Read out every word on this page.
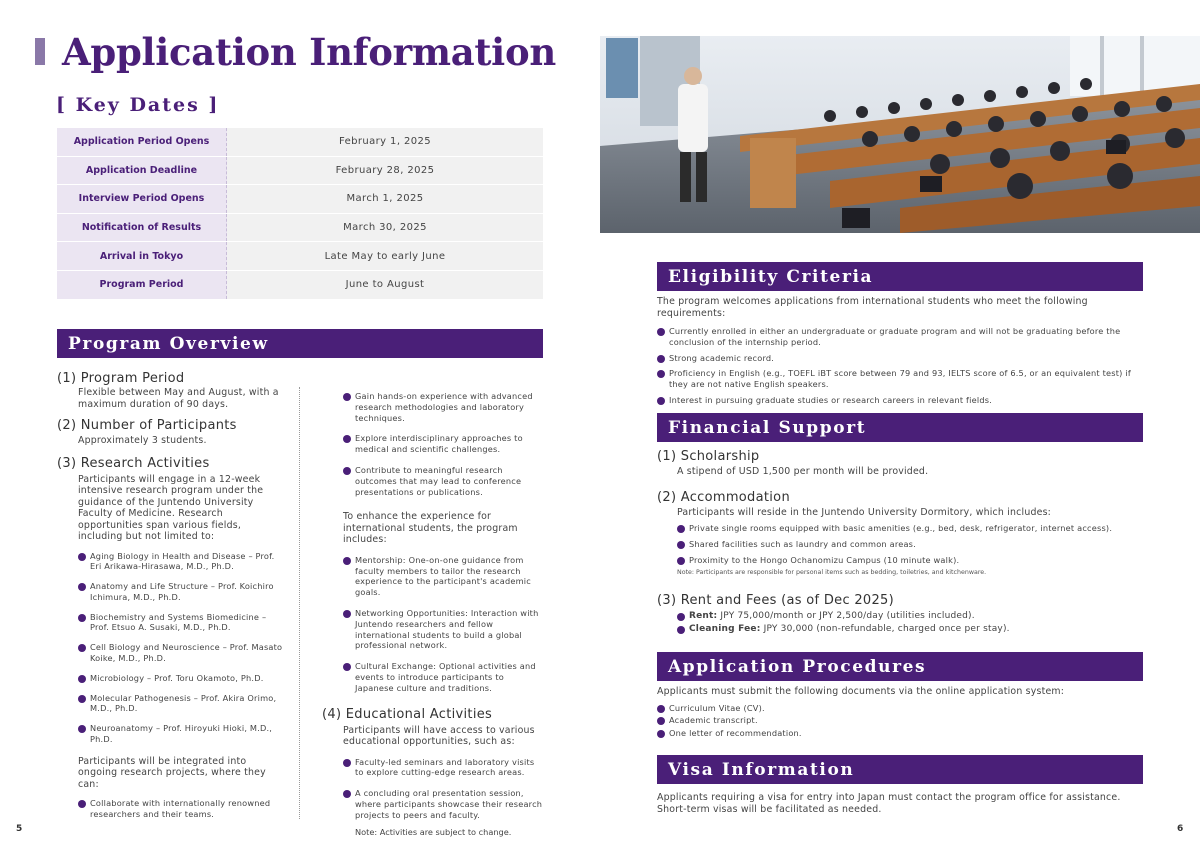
Application Information
[ Key Dates ]
Application Period Opens	February 1, 2025
Application Deadline	February 28, 2025
Interview Period Opens	March 1, 2025
Notification of Results	March 30, 2025
Arrival in Tokyo	Late May to early June
Program Period	June to August
Program Overview
(1) Program Period
Flexible between May and August, with a maximum duration of 90 days.
(2) Number of Participants
Approximately 3 students.
(3) Research Activities
Participants will engage in a 12-week intensive research program under the guidance of the Juntendo University Faculty of Medicine. Research opportunities span various fields, including but not limited to:
Aging Biology in Health and Disease – Prof. Eri Arikawa-Hirasawa, M.D., Ph.D.
Anatomy and Life Structure – Prof. Koichiro Ichimura, M.D., Ph.D.
Biochemistry and Systems Biomedicine – Prof. Etsuo A. Susaki, M.D., Ph.D.
Cell Biology and Neuroscience – Prof. Masato Koike, M.D., Ph.D.
Microbiology – Prof. Toru Okamoto, Ph.D.
Molecular Pathogenesis – Prof. Akira Orimo, M.D., Ph.D.
Neuroanatomy – Prof. Hiroyuki Hioki, M.D., Ph.D.
Participants will be integrated into ongoing research projects, where they can:
Collaborate with internationally renowned researchers and their teams.
Gain hands-on experience with advanced research methodologies and laboratory techniques.
Explore interdisciplinary approaches to medical and scientific challenges.
Contribute to meaningful research outcomes that may lead to conference presentations or publications.
To enhance the experience for international students, the program includes:
Mentorship: One-on-one guidance from faculty members to tailor the research experience to the participant's academic goals.
Networking Opportunities: Interaction with Juntendo researchers and fellow international students to build a global professional network.
Cultural Exchange: Optional activities and events to introduce participants to Japanese culture and traditions.
(4) Educational Activities
Participants will have access to various educational opportunities, such as:
Faculty-led seminars and laboratory visits to explore cutting-edge research areas.
A concluding oral presentation session, where participants showcase their research projects to peers and faculty.
Note: Activities are subject to change.
5
Eligibility Criteria
The program welcomes applications from international students who meet the following requirements:
Currently enrolled in either an undergraduate or graduate program and will not be graduating before the conclusion of the internship period.
Strong academic record.
Proficiency in English (e.g., TOEFL iBT score between 79 and 93, IELTS score of 6.5, or an equivalent test) if they are not native English speakers.
Interest in pursuing graduate studies or research careers in relevant fields.
Financial Support
(1) Scholarship
A stipend of USD 1,500 per month will be provided.
(2) Accommodation
Participants will reside in the Juntendo University Dormitory, which includes:
Private single rooms equipped with basic amenities (e.g., bed, desk, refrigerator, internet access).
Shared facilities such as laundry and common areas.
Proximity to the Hongo Ochanomizu Campus (10 minute walk).
Note: Participants are responsible for personal items such as bedding, toiletries, and kitchenware.
(3) Rent and Fees (as of Dec 2025)
Rent: JPY 75,000/month or JPY 2,500/day (utilities included).
Cleaning Fee: JPY 30,000 (non-refundable, charged once per stay).
Application Procedures
Applicants must submit the following documents via the online application system:
Curriculum Vitae (CV).
Academic transcript.
One letter of recommendation.
Visa Information
Applicants requiring a visa for entry into Japan must contact the program office for assistance. Short-term visas will be facilitated as needed.
6
